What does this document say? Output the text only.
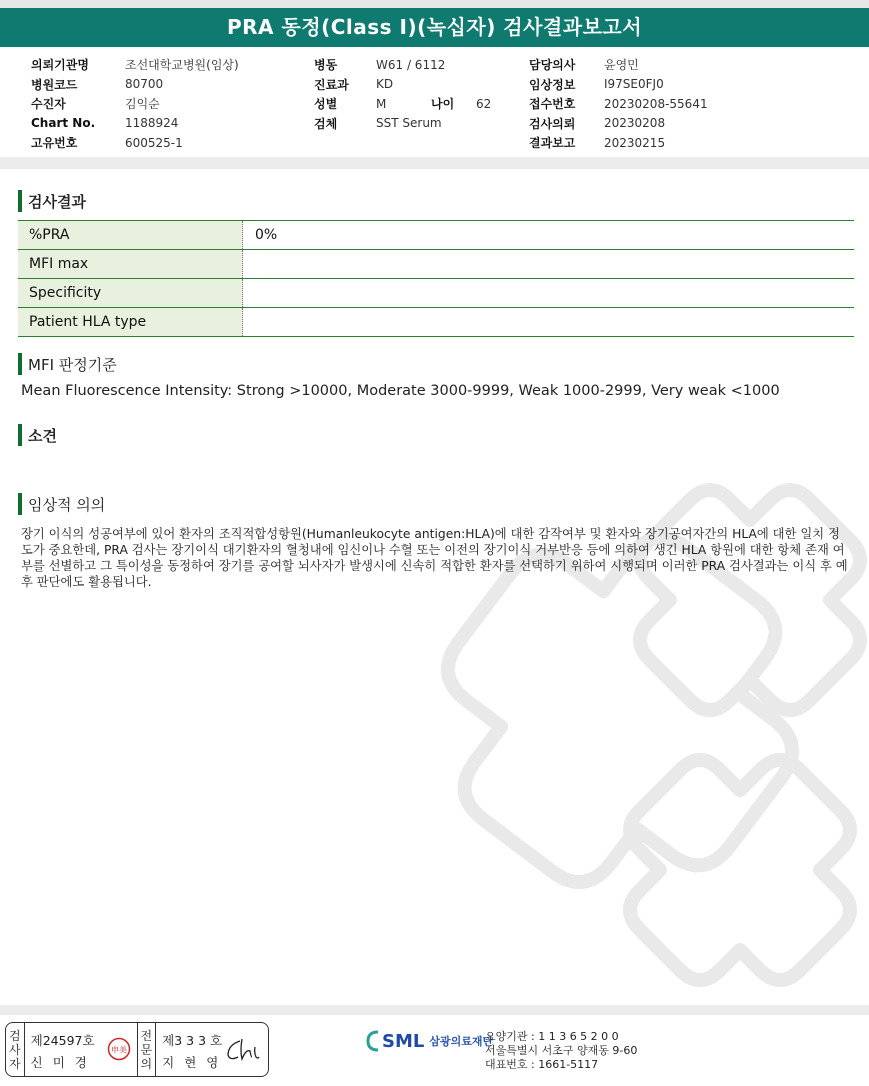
PRA 동정(Class I)(녹십자) 검사결과보고서
의뢰기관명	조선대학교병원(임상)
병원코드	80700
수진자	김익순
Chart No.	1188924
고유번호	600525-1
병동	W61 / 6112
진료과	KD
성별	M	나이	62
검체	SST Serum
담당의사	윤영민
임상정보	I97SE0FJ0
접수번호	20230208-55641
검사의뢰	20230208
결과보고	20230215
검사결과
%PRA	0%
MFI max
Specificity
Patient HLA type
MFI 판정기준
Mean Fluorescence Intensity: Strong >10000, Moderate 3000-9999, Weak 1000-2999, Very weak <1000
소견
임상적 의의
장기 이식의 성공여부에 있어 환자의 조직적합성항원(Humanleukocyte antigen:HLA)에 대한 감작여부 및 환자와 장기공여자간의 HLA에 대한 일치 정도가 중요한데, PRA 검사는 장기이식 대기환자의 혈청내에 임신이나 수혈 또는 이전의 장기이식 거부반응 등에 의하여 생긴 HLA 항원에 대한 항체 존재 여부를 선별하고 그 특이성을 동정하여 장기를 공여할 뇌사자가 발생시에 신속히 적합한 환자를 선택하기 위하여 시행되며 이러한 PRA 검사결과는 이식 후 예후 판단에도 활용됩니다.
검
사
자
제24597호
신 미 경
申美
전
문
의
제3 3 3 호
지 현 영
SML 삼광의료재단
요양기관 : 1 1 3 6 5 2 0 0
서울특별시 서초구 양재동 9-60
대표번호 : 1661-5117
